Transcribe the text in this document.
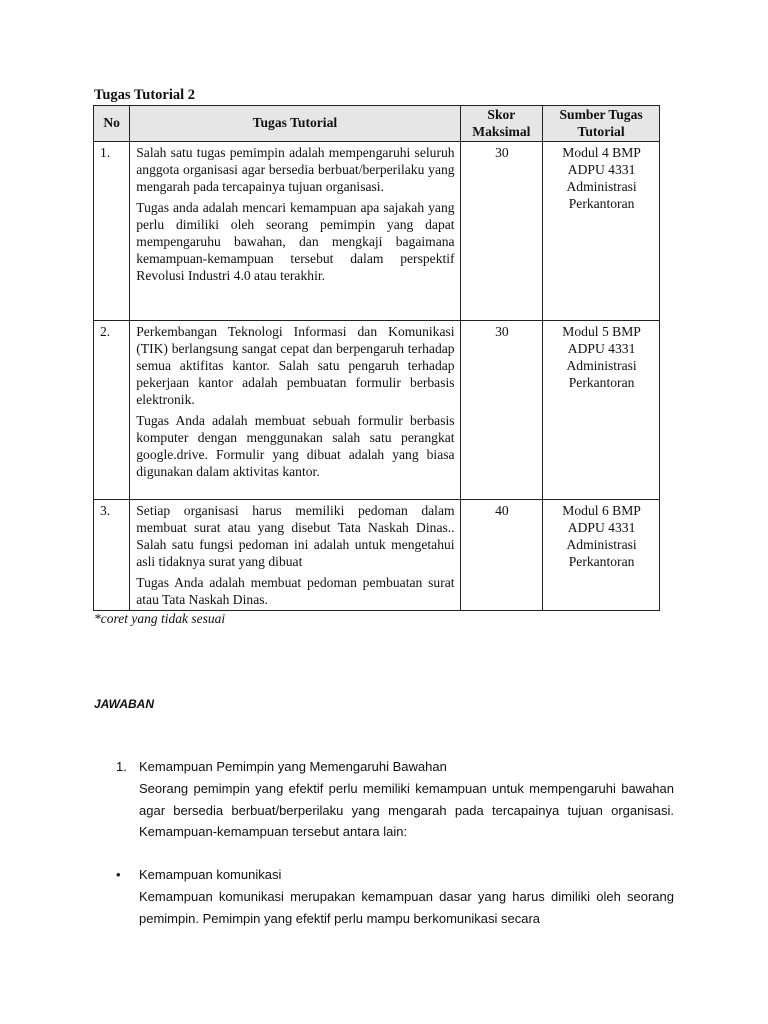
Tugas Tutorial 2
No	Tugas Tutorial	Skor Maksimal	Sumber Tugas Tutorial
1.	Salah satu tugas pemimpin adalah mempengaruhi seluruh anggota organisasi agar bersedia berbuat/berperilaku yang mengarah pada tercapainya tujuan organisasi.

Tugas anda adalah mencari kemampuan apa sajakah yang perlu dimiliki oleh seorang pemimpin yang dapat mempengaruhu bawahan, dan mengkaji bagaimana kemampuan-kemampuan tersebut dalam perspektif Revolusi Industri 4.0 atau terakhir.	30	Modul 4 BMP ADPU 4331 Administrasi Perkantoran
2.	Perkembangan Teknologi Informasi dan Komunikasi (TIK) berlangsung sangat cepat dan berpengaruh terhadap semua aktifitas kantor. Salah satu pengaruh terhadap pekerjaan kantor adalah pembuatan formulir berbasis elektronik.

Tugas Anda adalah membuat sebuah formulir berbasis komputer dengan menggunakan salah satu perangkat google.drive. Formulir yang dibuat adalah yang biasa digunakan dalam aktivitas kantor.	30	Modul 5 BMP ADPU 4331 Administrasi Perkantoran
3.	Setiap organisasi harus memiliki pedoman dalam membuat surat atau yang disebut Tata Naskah Dinas.. Salah satu fungsi pedoman ini adalah untuk mengetahui asli tidaknya surat yang dibuat

Tugas Anda adalah membuat pedoman pembuatan surat atau Tata Naskah Dinas.	40	Modul 6 BMP ADPU 4331 Administrasi Perkantoran
*coret yang tidak sesuai
JAWABAN
1. Kemampuan Pemimpin yang Memengaruhi Bawahan

Seorang pemimpin yang efektif perlu memiliki kemampuan untuk mempengaruhi bawahan agar bersedia berbuat/berperilaku yang mengarah pada tercapainya tujuan organisasi. Kemampuan-kemampuan tersebut antara lain:

• Kemampuan komunikasi

Kemampuan komunikasi merupakan kemampuan dasar yang harus dimiliki oleh seorang pemimpin. Pemimpin yang efektif perlu mampu berkomunikasi secara
